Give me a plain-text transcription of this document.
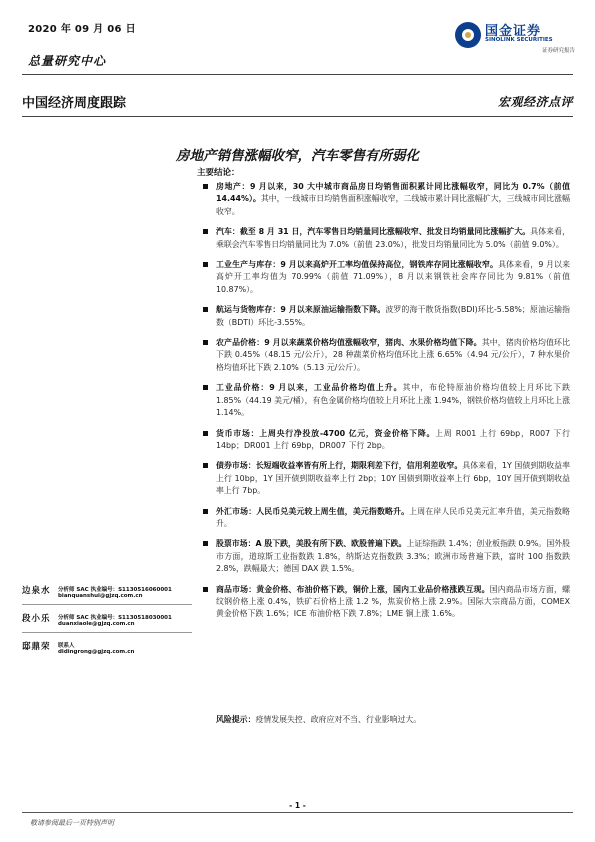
2020 年 09 月 06 日
总量研究中心
国金证券
SINOLINK SECURITIES
证券研究报告
中国经济周度跟踪	宏观经济点评
房地产销售涨幅收窄，汽车零售有所弱化
主要结论：
房地产：9 月以来，30 大中城市商品房日均销售面积累计同比涨幅收窄，同比为 0.7%（前值 14.44%）。其中，一线城市日均销售面积涨幅收窄，二线城市累计同比涨幅扩大，三线城市同比涨幅收窄。
汽车：截至 8 月 31 日，汽车零售日均销量同比涨幅收窄、批发日均销量同比涨幅扩大。具体来看，乘联会汽车零售日均销量同比为 7.0%（前值 23.0%），批发日均销量同比为 5.0%（前值 9.0%）。
工业生产与库存：9 月以来高炉开工率均值保持高位，钢铁库存同比涨幅收窄。具体来看，9 月以来高炉开工率均值为 70.99%（前值 71.09%），8 月以来钢铁社会库存同比为 9.81%（前值 10.87%）。
航运与货物库存：9 月以来原油运输指数下降。波罗的海干散货指数(BDI)环比-5.58%；原油运输指数（BDTI）环比-3.55%。
农产品价格：9 月以来蔬菜价格均值涨幅收窄，猪肉、水果价格均值下降。其中，猪肉价格均值环比下跌 0.45%（48.15 元/公斤），28 种蔬菜价格均值环比上涨 6.65%（4.94 元/公斤），7 种水果价格均值环比下跌 2.10%（5.13 元/公斤）。
工业品价格：9 月以来，工业品价格均值上升。其中，布伦特原油价格均值较上月环比下跌 1.85%（44.19 美元/桶），有色金属价格均值较上月环比上涨 1.94%，钢铁价格均值较上月环比上涨 1.14%。
货币市场：上周央行净投放-4700 亿元，资金价格下降。上周 R001 上行 69bp，R007 下行 14bp；DR001 上行 69bp，DR007 下行 2bp。
债券市场：长短端收益率皆有所上行，期限利差下行，信用利差收窄。具体来看，1Y 国债到期收益率上行 10bp，1Y 国开债到期收益率上行 2bp；10Y 国债到期收益率上行 6bp，10Y 国开债到期收益率上行 7bp。
外汇市场：人民币兑美元较上周生值，美元指数略升。上周在岸人民币兑美元汇率升值，美元指数略升。
股票市场：A 股下跌，美股有所下跌、欧股普遍下跌。上证综指跌 1.4%；创业板指跌 0.9%。国外股市方面，道琼斯工业指数跌 1.8%，纳斯达克指数跌 3.3%；欧洲市场普遍下跌，富时 100 指数跌 2.8%，跌幅最大；德国 DAX 跌 1.5%。
商品市场：黄金价格、布油价格下跌，铜价上涨，国内工业品价格涨跌互现。国内商品市场方面，螺纹钢价格上涨 0.4%，铁矿石价格上涨 1.2 %，焦炭价格上涨 2.9%。国际大宗商品方面，COMEX 黄金价格下跌 1.6%；ICE 布油价格下跌 7.8%；LME 铜上涨 1.6%。
风险提示：疫情发展失控、政府应对不当、行业影响过大。
边泉水 分析师 SAC 执业编号：S1130516060001
bianquanshui@gjzq.com.cn
段小乐 分析师 SAC 执业编号：S1130518030001
duanxiaole@gjzq.com.cn
邸鼎荣 联系人
didingrong@gjzq.com.cn
- 1 -
敬请参阅最后一页特别声明
